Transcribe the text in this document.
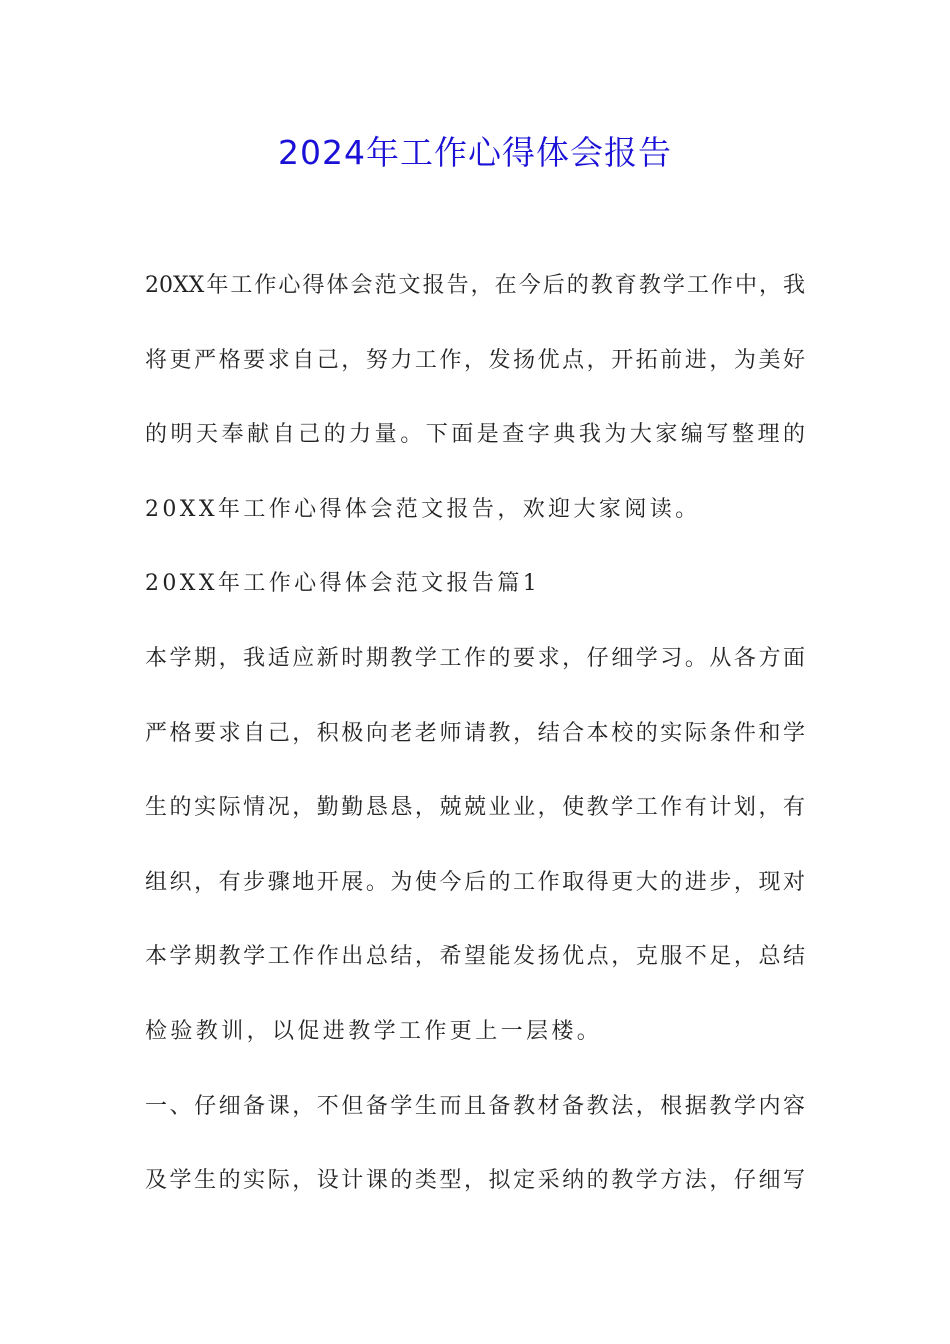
2024年工作心得体会报告
20XX年工作心得体会范文报告，在今后的教育教学工作中，我
将更严格要求自己，努力工作，发扬优点，开拓前进，为美好
的明天奉献自己的力量。下面是查字典我为大家编写整理的
20XX年工作心得体会范文报告，欢迎大家阅读。
20XX年工作心得体会范文报告篇1
本学期，我适应新时期教学工作的要求，仔细学习。从各方面
严格要求自己，积极向老老师请教，结合本校的实际条件和学
生的实际情况，勤勤恳恳，兢兢业业，使教学工作有计划，有
组织，有步骤地开展。为使今后的工作取得更大的进步，现对
本学期教学工作作出总结，希望能发扬优点，克服不足，总结
检验教训，以促进教学工作更上一层楼。
一、仔细备课，不但备学生而且备教材备教法，根据教学内容
及学生的实际，设计课的类型，拟定采纳的教学方法，仔细写
